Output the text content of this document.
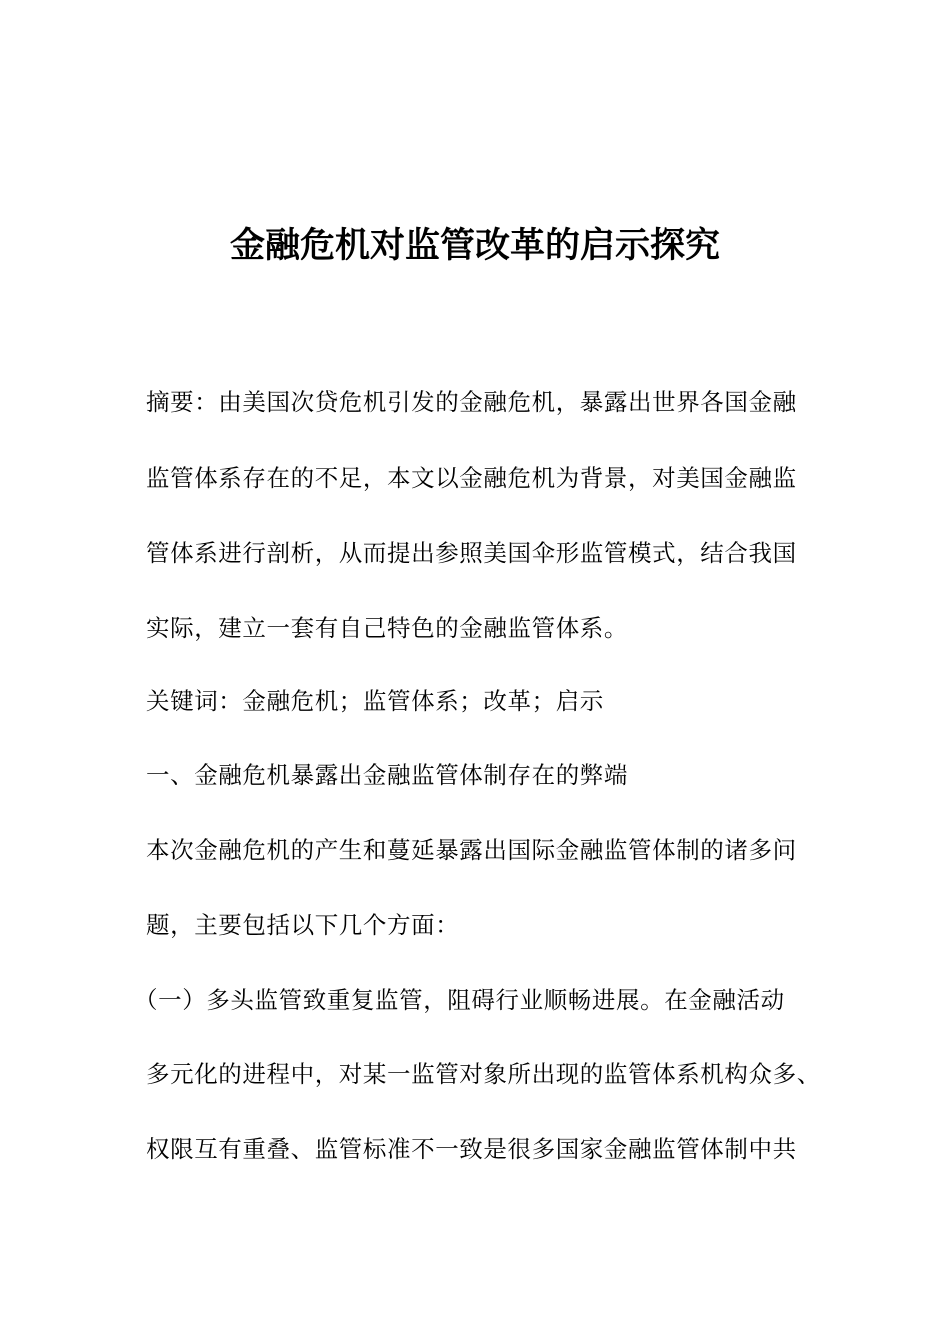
金融危机对监管改革的启示探究
摘要：由美国次贷危机引发的金融危机，暴露出世界各国金融
监管体系存在的不足，本文以金融危机为背景，对美国金融监
管体系进行剖析，从而提出参照美国伞形监管模式，结合我国
实际，建立一套有自己特色的金融监管体系。
关键词：金融危机；监管体系；改革；启示
一、金融危机暴露出金融监管体制存在的弊端
本次金融危机的产生和蔓延暴露出国际金融监管体制的诸多问
题，主要包括以下几个方面：
（一）多头监管致重复监管，阻碍行业顺畅进展。在金融活动
多元化的进程中，对某一监管对象所出现的监管体系机构众多、
权限互有重叠、监管标准不一致是很多国家金融监管体制中共
